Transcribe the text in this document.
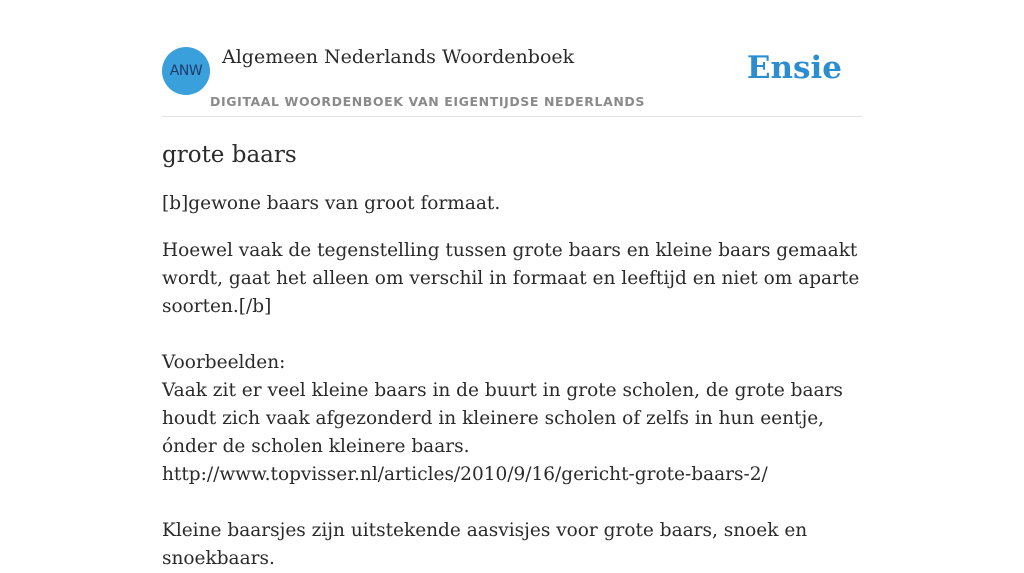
ANW
Algemeen Nederlands Woordenboek
DIGITAAL WOORDENBOEK VAN EIGENTIJDSE NEDERLANDS
Ensie
grote baars

[b]gewone baars van groot formaat.

Hoewel vaak de tegenstelling tussen grote baars en kleine baars gemaakt wordt, gaat het alleen om verschil in formaat en leeftijd en niet om aparte soorten.[/b]

Voorbeelden:
Vaak zit er veel kleine baars in de buurt in grote scholen, de grote baars houdt zich vaak afgezonderd in kleinere scholen of zelfs in hun eentje, ónder de scholen kleinere baars.
http://www.topvisser.nl/articles/2010/9/16/gericht-grote-baars-2/

Kleine baarsjes zijn uitstekende aasvisjes voor grote baars, snoek en snoekbaars.
